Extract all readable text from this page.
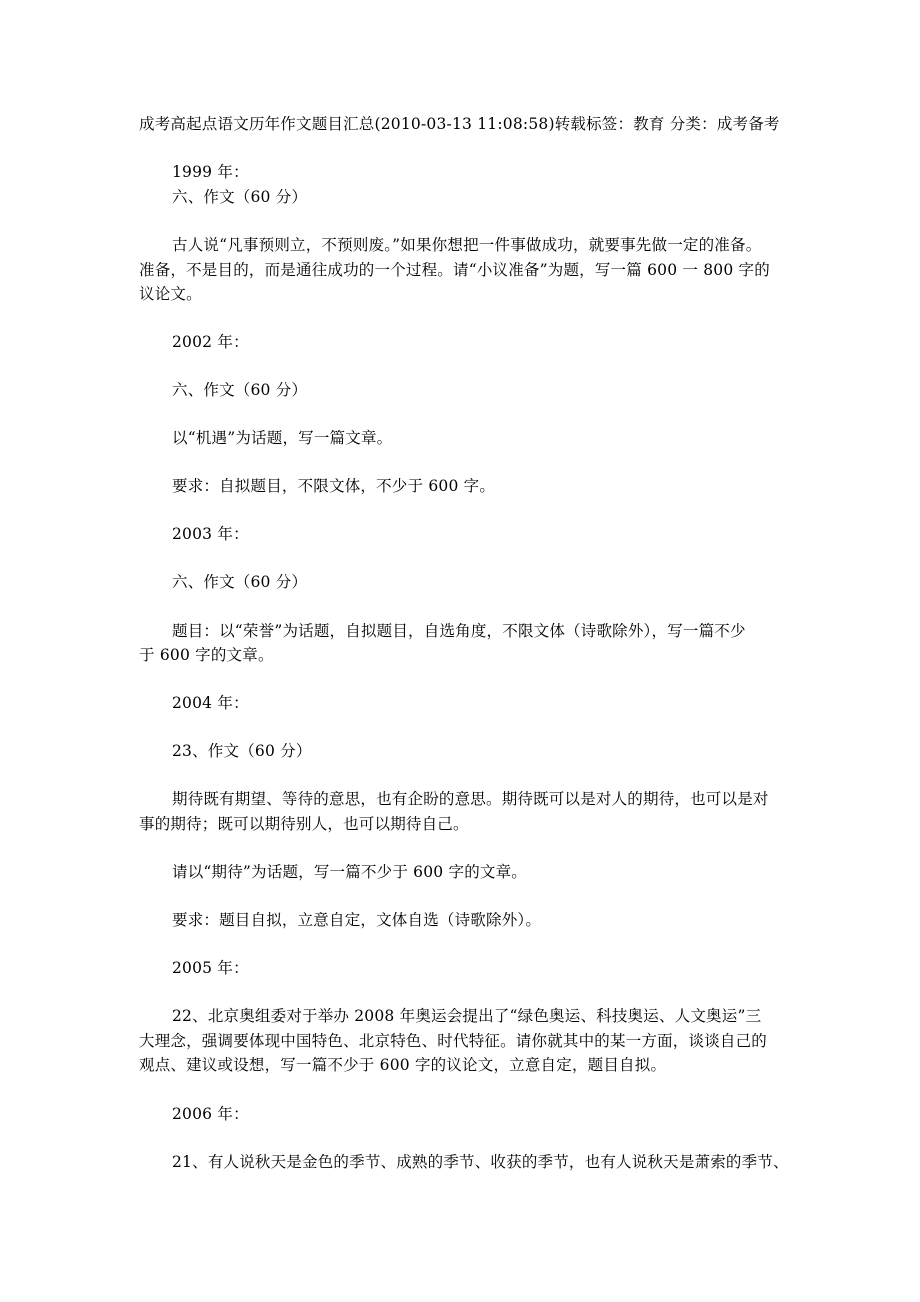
成考高起点语文历年作文题目汇总(2010-03-13 11:08:58)转载标签：教育 分类：成考备考
1999 年：
六、作文（60 分）
古人说“凡事预则立，不预则废。”如果你想把一件事做成功，就要事先做一定的准备。
准备，不是目的，而是通往成功的一个过程。请“小议准备”为题，写一篇 600 一 800 字的
议论文。
2002 年：
六、作文（60 分）
以“机遇”为话题，写一篇文章。
要求：自拟题目，不限文体，不少于 600 字。
2003 年：
六、作文（60 分）
题目：以“荣誉”为话题，自拟题目，自选角度，不限文体（诗歌除外），写一篇不少
于 600 字的文章。
2004 年：
23、作文（60 分）
期待既有期望、等待的意思，也有企盼的意思。期待既可以是对人的期待，也可以是对
事的期待；既可以期待别人，也可以期待自己。
请以“期待”为话题，写一篇不少于 600 字的文章。
要求：题目自拟，立意自定，文体自选（诗歌除外）。
2005 年：
22、北京奥组委对于举办 2008 年奥运会提出了“绿色奥运、科技奥运、人文奥运”三
大理念，强调要体现中国特色、北京特色、时代特征。请你就其中的某一方面，谈谈自己的
观点、建议或设想，写一篇不少于 600 字的议论文，立意自定，题目自拟。
2006 年：
21、有人说秋天是金色的季节、成熟的季节、收获的季节，也有人说秋天是萧索的季节、
